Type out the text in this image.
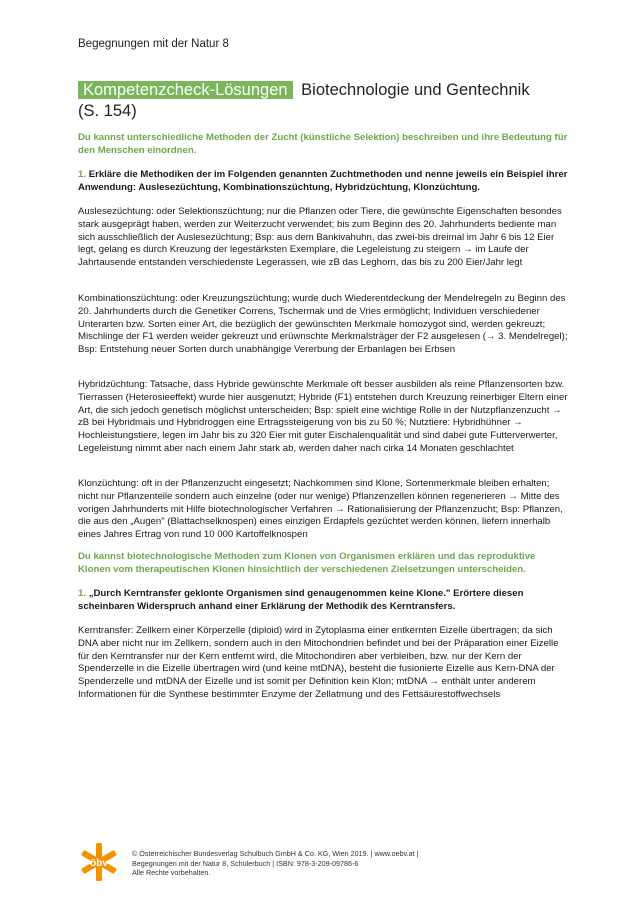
Begegnungen mit der Natur 8
Kompetenzcheck-Lösungen Biotechnologie und Gentechnik
(S. 154)
Du kannst unterschiedliche Methoden der Zucht (künstliche Selektion) beschreiben und ihre Bedeutung für den Menschen einordnen.
1. Erkläre die Methodiken der im Folgenden genannten Zuchtmethoden und nenne jeweils ein Beispiel ihrer Anwendung: Auslesezüchtung, Kombinationszüchtung, Hybridzüchtung, Klonzüchtung.
Auslesezüchtung: oder Selektionszüchtung; nur die Pflanzen oder Tiere, die gewünschte Eigenschaften besondes stark ausgeprägt haben, werden zur Weiterzucht verwendet; bis zum Beginn des 20. Jahrhunderts bediente man sich ausschließlich der Auslesezüchtung; Bsp: aus dem Bankivahuhn, das zwei-bis dreimal im Jahr 6 bis 12 Eier legt, gelang es durch Kreuzung der legestärksten Exemplare, die Legeleistung zu steigern → im Laufe der Jahrtausende entstanden verschiedenste Legerassen, wie zB das Leghorn, das bis zu 200 Eier/Jahr legt
Kombinationszüchtung: oder Kreuzungszüchtung; wurde duch Wiederentdeckung der Mendelregeln zu Beginn des 20. Jahrhunderts durch die Genetiker Correns, Tschermak und de Vries ermöglicht; Individuen verschiedener Unterarten bzw. Sorten einer Art, die bezüglich der gewünschten Merkmale homozygot sind, werden gekreuzt; Mischlinge der F1 werden weider gekreuzt und erüwnschte Merkmalsträger der F2 ausgelesen (→ 3. Mendelregel); Bsp: Entstehung neuer Sorten durch unabhängige Vererbung der Erbanlagen bei Erbsen
Hybridzüchtung: Tatsache, dass Hybride gewünschte Merkmale oft besser ausbilden als reine Pflanzensorten bzw. Tierrassen (Heterosieeffekt) wurde hier ausgenutzt; Hybride (F1) entstehen durch Kreuzung reinerbiger Eltern einer Art, die sich jedoch genetisch möglichst unterscheiden; Bsp: spielt eine wichtige Rolle in der Nutzpflanzenzucht → zB bei Hybridmais und Hybridroggen eine Ertragssteigerung von bis zu 50 %; Nutztiere: Hybridhühner → Hochleistungstiere, legen im Jahr bis zu 320 Eier mit guter Eischalenqualität und sind dabei gute Futterverwerter, Legeleistung nimmt aber nach einem Jahr stark ab, werden daher nach cirka 14 Monaten geschlachtet
Klonzüchtung: oft in der Pflanzenzucht eingesetzt; Nachkommen sind Klone, Sortenmerkmale bleiben erhalten; nicht nur Pflanzenteile sondern auch einzelne (oder nur wenige) Pflanzenzellen können regenerieren → Mitte des vorigen Jahrhunderts mit Hilfe biotechnologischer Verfahren → Rationalisierung der Pflanzenzucht; Bsp: Pflanzen, die aus den „Augen" (Blattachselknospen) eines einzigen Erdapfels gezüchtet werden können, liefern innerhalb eines Jahres Ertrag von rund 10 000 Kartoffelknospen
Du kannst biotechnologische Methoden zum Klonen von Organismen erklären und das reproduktive Klonen vom therapeutischen Klonen hinsichtlich der verschiedenen Zielsetzungen unterscheiden.
1. „Durch Kerntransfer geklonte Organismen sind genaugenommen keine Klone." Erörtere diesen scheinbaren Widerspruch anhand einer Erklärung der Methodik des Kerntransfers.
Kerntransfer: Zellkern einer Körperzelle (diploid) wird in Zytoplasma einer entkernten Eizelle übertragen; da sich DNA aber nicht nur im Zellkern, sondern auch in den Mitochondrien befindet und bei der Präparation einer Eizelle für den Kerntransfer nur der Kern entfernt wird, die Mitochondiren aber verbleiben, bzw. nur der Kern der Spenderzelle in die Eizelle übertragen wird (und keine mtDNA), besteht die fusionierte Eizelle aus Kern-DNA der Spenderzelle und mtDNA der Eizelle und ist somit per Definition kein Klon; mtDNA → enthält unter anderem Informationen für die Synthese bestimmter Enzyme der Zellatmung und des Fettsäurestoffwechsels
öbv
© Österreichischer Bundesverlag Schulbuch GmbH & Co. KG, Wien 2019. | www.oebv.at |
Begegnungen mit der Natur 8, Schülerbuch | ISBN: 978-3-209-09786-6
Alle Rechte vorbehalten.
